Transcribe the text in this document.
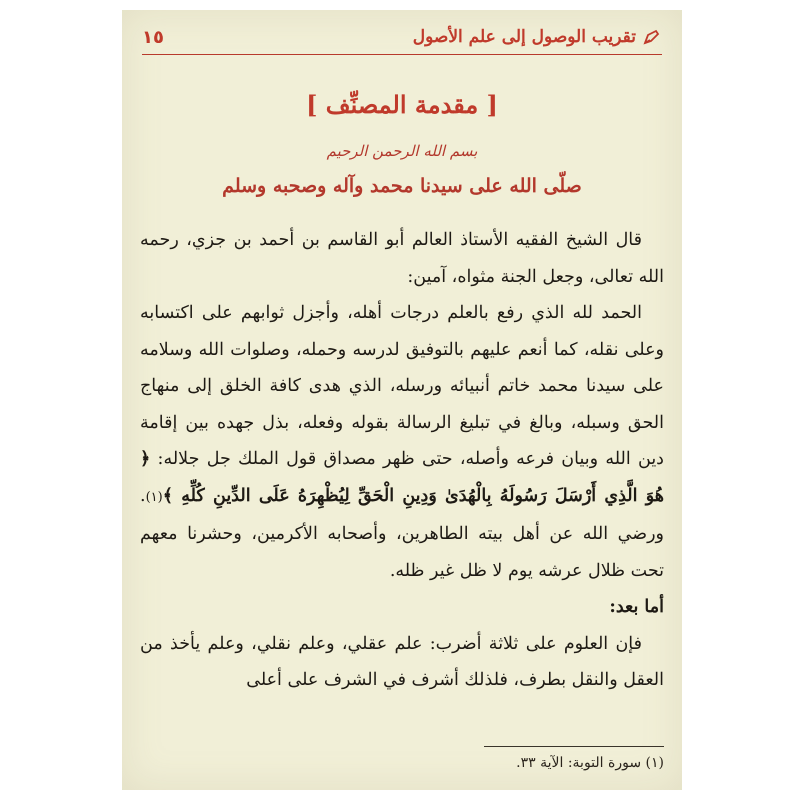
تقريب الوصول إلى علم الأصول
١٥
[ مقدمة المصنِّف ]
بسم الله الرحمن الرحيم
صلّى الله على سيدنا محمد وآله وصحبه وسلم

قال الشيخ الفقيه الأستاذ العالم أبو القاسم بن أحمد بن جزي، رحمه الله تعالى، وجعل الجنة مثواه، آمين:

الحمد لله الذي رفع بالعلم درجات أهله، وأجزل ثوابهم على اكتسابه وعلى نقله، كما أنعم عليهم بالتوفيق لدرسه وحمله، وصلوات الله وسلامه على سيدنا محمد خاتم أنبيائه ورسله، الذي هدى كافة الخلق إلى منهاج الحق وسبله، وبالغ في تبليغ الرسالة بقوله وفعله، بذل جهده بين إقامة دين الله وبيان فرعه وأصله، حتى ظهر مصداق قول الملك جل جلاله: ﴿ هُوَ الَّذِي أَرْسَلَ رَسُولَهُ بِالْهُدَىٰ وَدِينِ الْحَقِّ لِيُظْهِرَهُ عَلَى الدِّينِ كُلِّهِ ﴾(١). ورضي الله عن أهل بيته الطاهرين، وأصحابه الأكرمين، وحشرنا معهم تحت ظلال عرشه يوم لا ظل غير ظله.

أما بعد:

فإن العلوم على ثلاثة أضرب: علم عقلي، وعلم نقلي، وعلم يأخذ من العقل والنقل بطرف، فلذلك أشرف في الشرف على أعلى

(١) سورة التوبة: الآية ٣٣.
